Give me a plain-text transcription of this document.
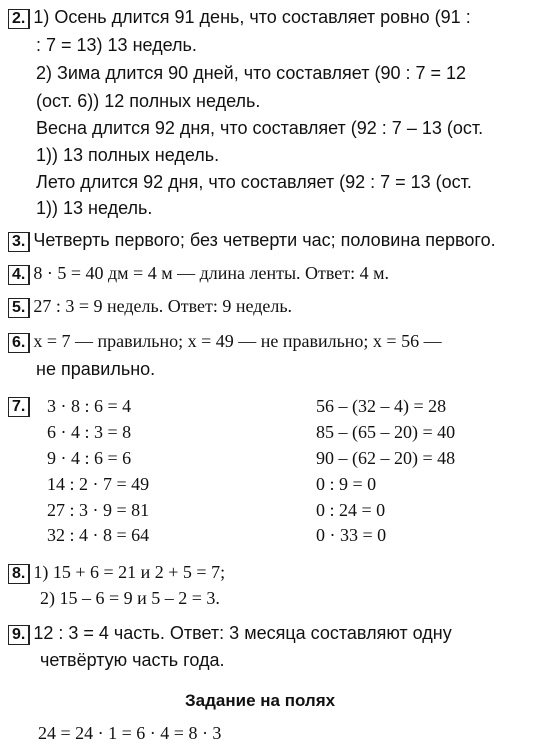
2. 1) Осень длится 91 день, что составляет ровно (91 :
: 7 = 13) 13 недель.
2) Зима длится 90 дней, что составляет (90 : 7 = 12
(ост. 6)) 12 полных недель.
Весна длится 92 дня, что составляет (92 : 7 – 13 (ост.
1)) 13 полных недель.
Лето длится 92 дня, что составляет (92 : 7 = 13 (ост.
1)) 13 недель.
3. Четверть первого; без четверти час; половина первого.
4. 8 · 5 = 40 дм = 4 м — длина ленты. Ответ: 4 м.
5. 27 : 3 = 9 недель. Ответ: 9 недель.
6. x = 7 — правильно; x = 49 — не правильно; x = 56 —
не правильно.
7.	3 · 8 : 6 = 4
6 · 4 : 3 = 8
9 · 4 : 6 = 6
14 : 2 · 7 = 49
27 : 3 · 9 = 81
32 : 4 · 8 = 64
56 – (32 – 4) = 28
85 – (65 – 20) = 40
90 – (62 – 20) = 48
0 : 9 = 0
0 : 24 = 0
0 · 33 = 0
8. 1) 15 + 6 = 21 и 2 + 5 = 7;
2) 15 – 6 = 9 и 5 – 2 = 3.
9. 12 : 3 = 4 часть. Ответ: 3 месяца составляют одну
четвёртую часть года.
Задание на полях
24 = 24 · 1 = 6 · 4 = 8 · 3
